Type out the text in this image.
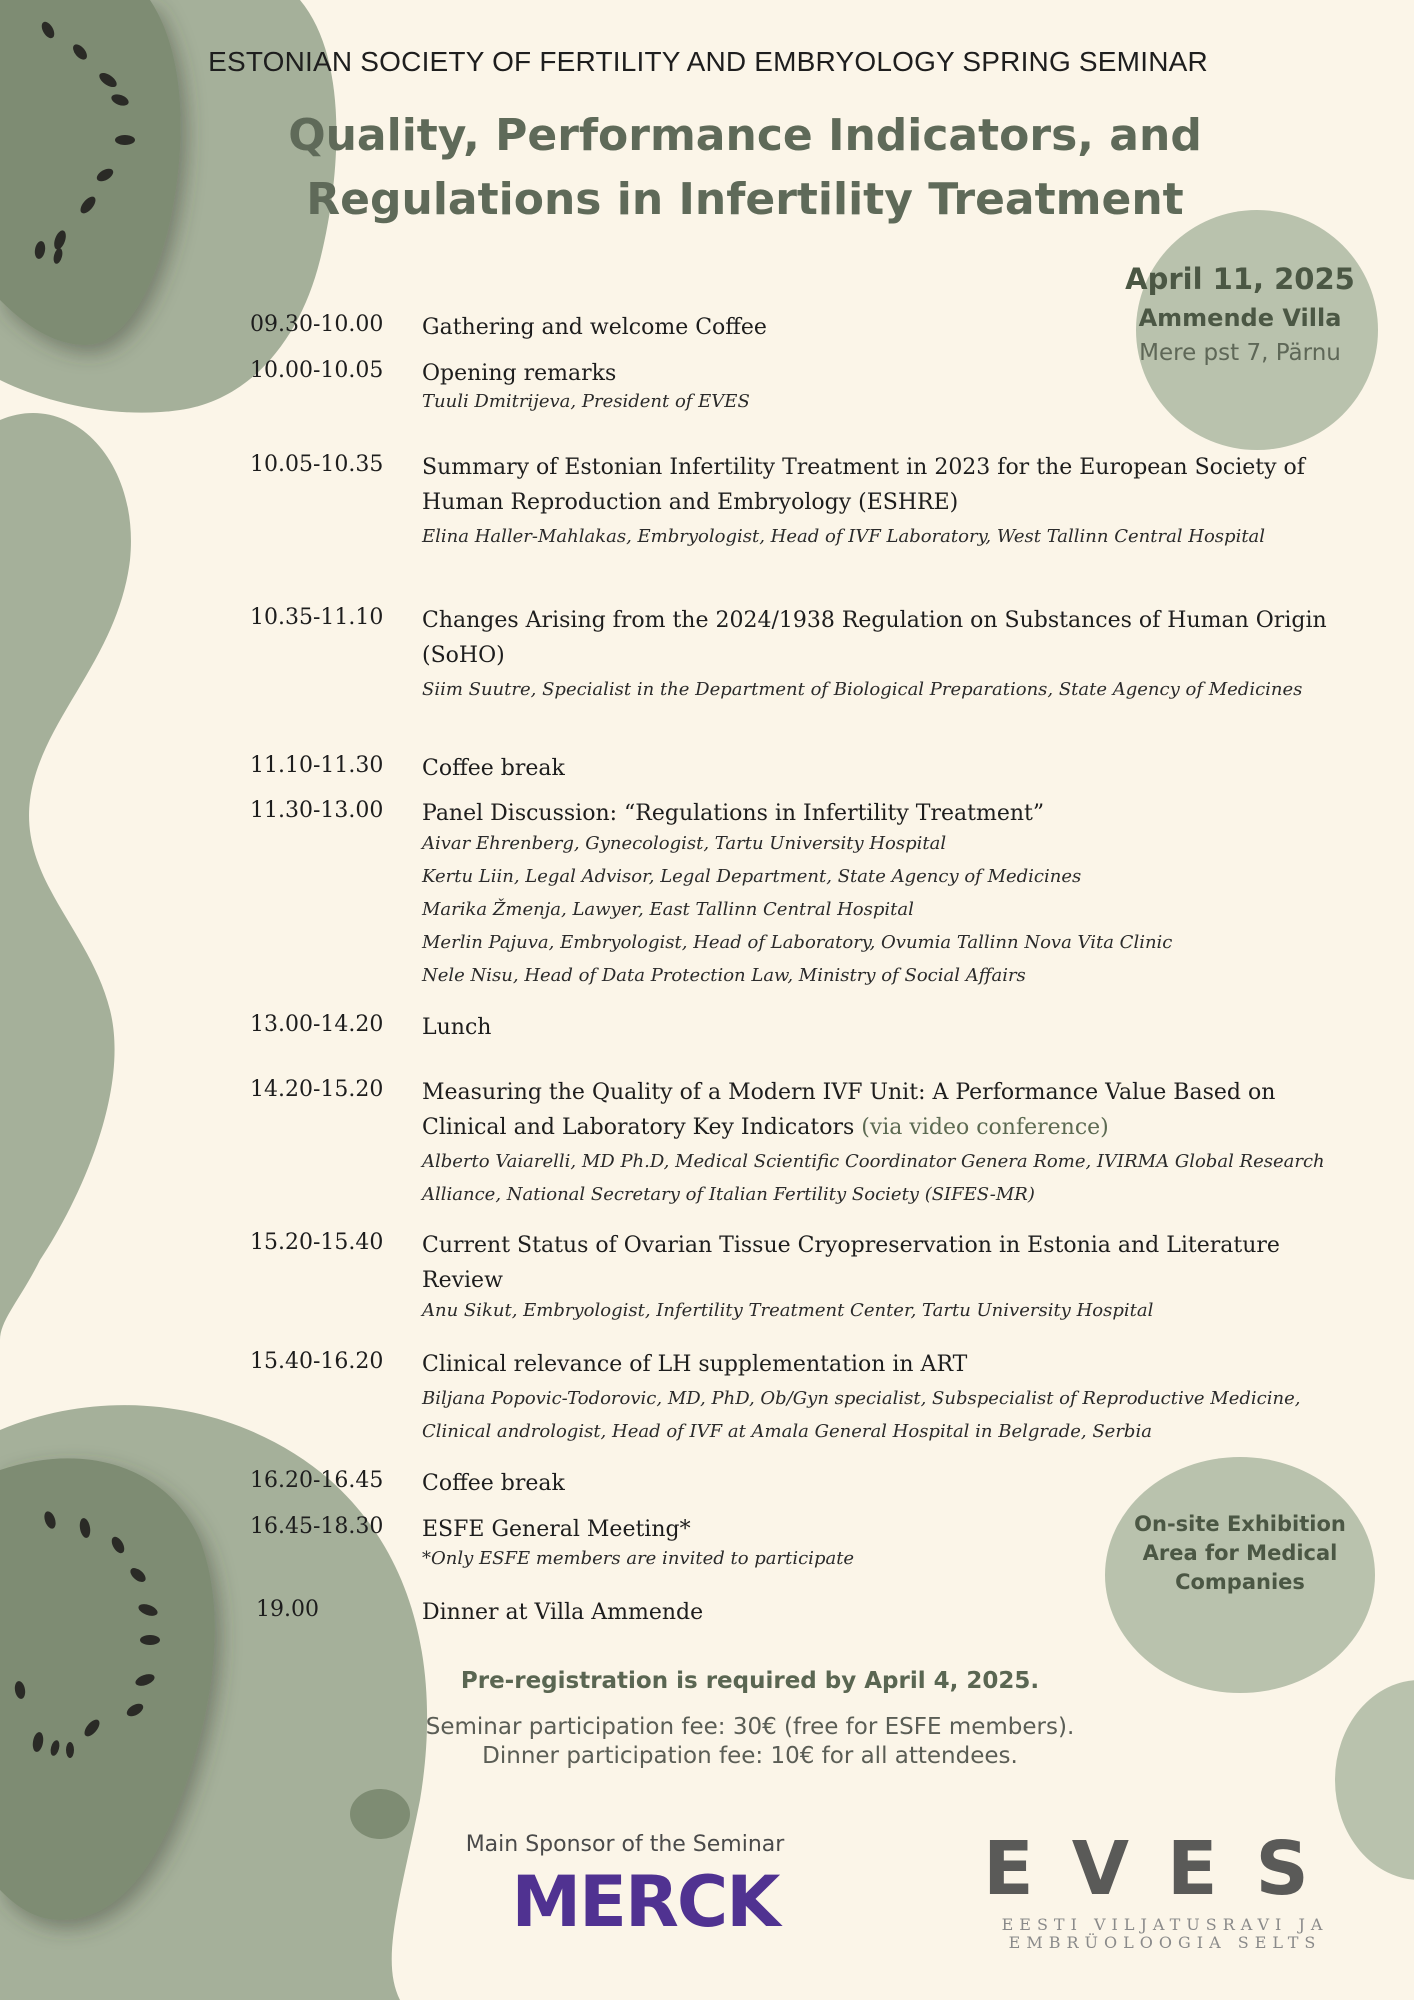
ESTONIAN SOCIETY OF FERTILITY AND EMBRYOLOGY SPRING SEMINAR
Quality, Performance Indicators, and
Regulations in Infertility Treatment
April 11, 2025
Ammende Villa
Mere pst 7, Pärnu
09.30-10.00	Gathering and welcome Coffee
10.00-10.05	Opening remarks
Tuuli Dmitrijeva, President of EVES
10.05-10.35	Summary of Estonian Infertility Treatment in 2023 for the European Society of Human Reproduction and Embryology (ESHRE)
Elina Haller-Mahlakas, Embryologist, Head of IVF Laboratory, West Tallinn Central Hospital
10.35-11.10	Changes Arising from the 2024/1938 Regulation on Substances of Human Origin (SoHO)
Siim Suutre, Specialist in the Department of Biological Preparations, State Agency of Medicines
11.10-11.30	Coffee break
11.30-13.00	Panel Discussion: “Regulations in Infertility Treatment”
Aivar Ehrenberg, Gynecologist, Tartu University Hospital
Kertu Liin, Legal Advisor, Legal Department, State Agency of Medicines
Marika Žmenja, Lawyer, East Tallinn Central Hospital
Merlin Pajuva, Embryologist, Head of Laboratory, Ovumia Tallinn Nova Vita Clinic
Nele Nisu, Head of Data Protection Law, Ministry of Social Affairs
13.00-14.20	Lunch
14.20-15.20	Measuring the Quality of a Modern IVF Unit: A Performance Value Based on Clinical and Laboratory Key Indicators (via video conference)
Alberto Vaiarelli, MD Ph.D, Medical Scientific Coordinator Genera Rome, IVIRMA Global Research Alliance, National Secretary of Italian Fertility Society (SIFES-MR)
15.20-15.40	Current Status of Ovarian Tissue Cryopreservation in Estonia and Literature Review
Anu Sikut, Embryologist, Infertility Treatment Center, Tartu University Hospital
15.40-16.20	Clinical relevance of LH supplementation in ART
Biljana Popovic-Todorovic, MD, PhD, Ob/Gyn specialist, Subspecialist of Reproductive Medicine, Clinical andrologist, Head of IVF at Amala General Hospital in Belgrade, Serbia
16.20-16.45	Coffee break
16.45-18.30	ESFE General Meeting*
*Only ESFE members are invited to participate
19.00	Dinner at Villa Ammende
On-site Exhibition Area for Medical Companies
Pre-registration is required by April 4, 2025.
Seminar participation fee: 30€ (free for ESFE members).
Dinner participation fee: 10€ for all attendees.
Main Sponsor of the Seminar
MERCK	EVES
EESTI VILJATUSRAVI JA
EMBRÜOLOOGIA SELTS
